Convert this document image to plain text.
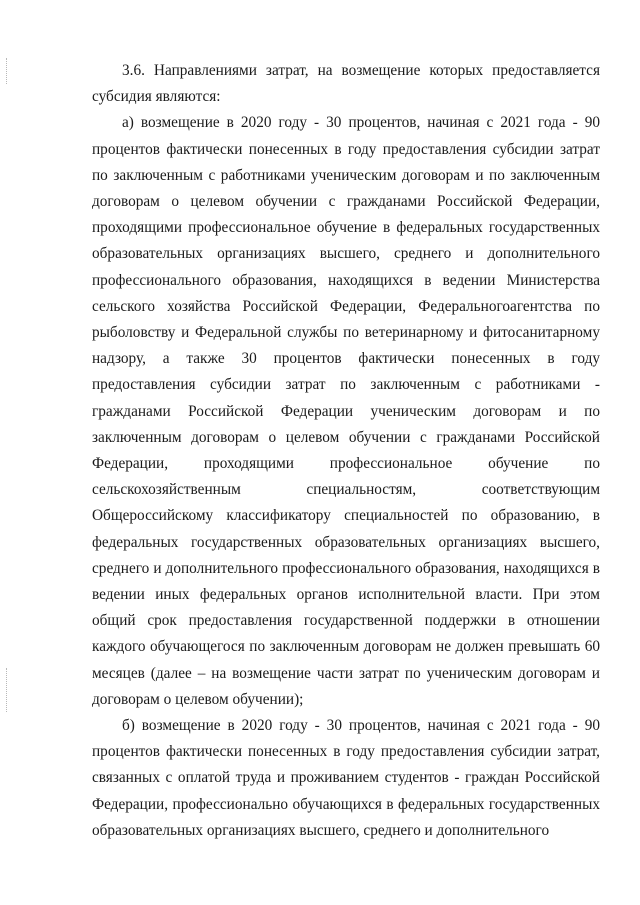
3.6. Направлениями затрат, на возмещение которых предоставляется субсидия являются:

а) возмещение в 2020 году - 30 процентов, начиная с 2021 года - 90 процентов фактически понесенных в году предоставления субсидии затрат по заключенным с работниками ученическим договорам и по заключенным договорам о целевом обучении с гражданами Российской Федерации, проходящими профессиональное обучение в федеральных государственных образовательных организациях высшего, среднего и дополнительного профессионального образования, находящихся в ведении Министерства сельского хозяйства Российской Федерации, Федеральногоагентства по рыболовству и Федеральной службы по ветеринарному и фитосанитарному надзору, а также 30 процентов фактически понесенных в году предоставления субсидии затрат по заключенным с работниками - гражданами Российской Федерации ученическим договорам и по заключенным договорам о целевом обучении с гражданами Российской Федерации, проходящими профессиональное обучение по сельскохозяйственным специальностям, соответствующим Общероссийскому классификатору специальностей по образованию, в федеральных государственных образовательных организациях высшего, среднего и дополнительного профессионального образования, находящихся в ведении иных федеральных органов исполнительной власти. При этом общий срок предоставления государственной поддержки в отношении каждого обучающегося по заключенным договорам не должен превышать 60 месяцев (далее – на возмещение части затрат по ученическим договорам и договорам о целевом обучении);

б) возмещение в 2020 году - 30 процентов, начиная с 2021 года - 90 процентов фактически понесенных в году предоставления субсидии затрат, связанных с оплатой труда и проживанием студентов - граждан Российской Федерации, профессионально обучающихся в федеральных государственных образовательных организациях высшего, среднего и дополнительного
